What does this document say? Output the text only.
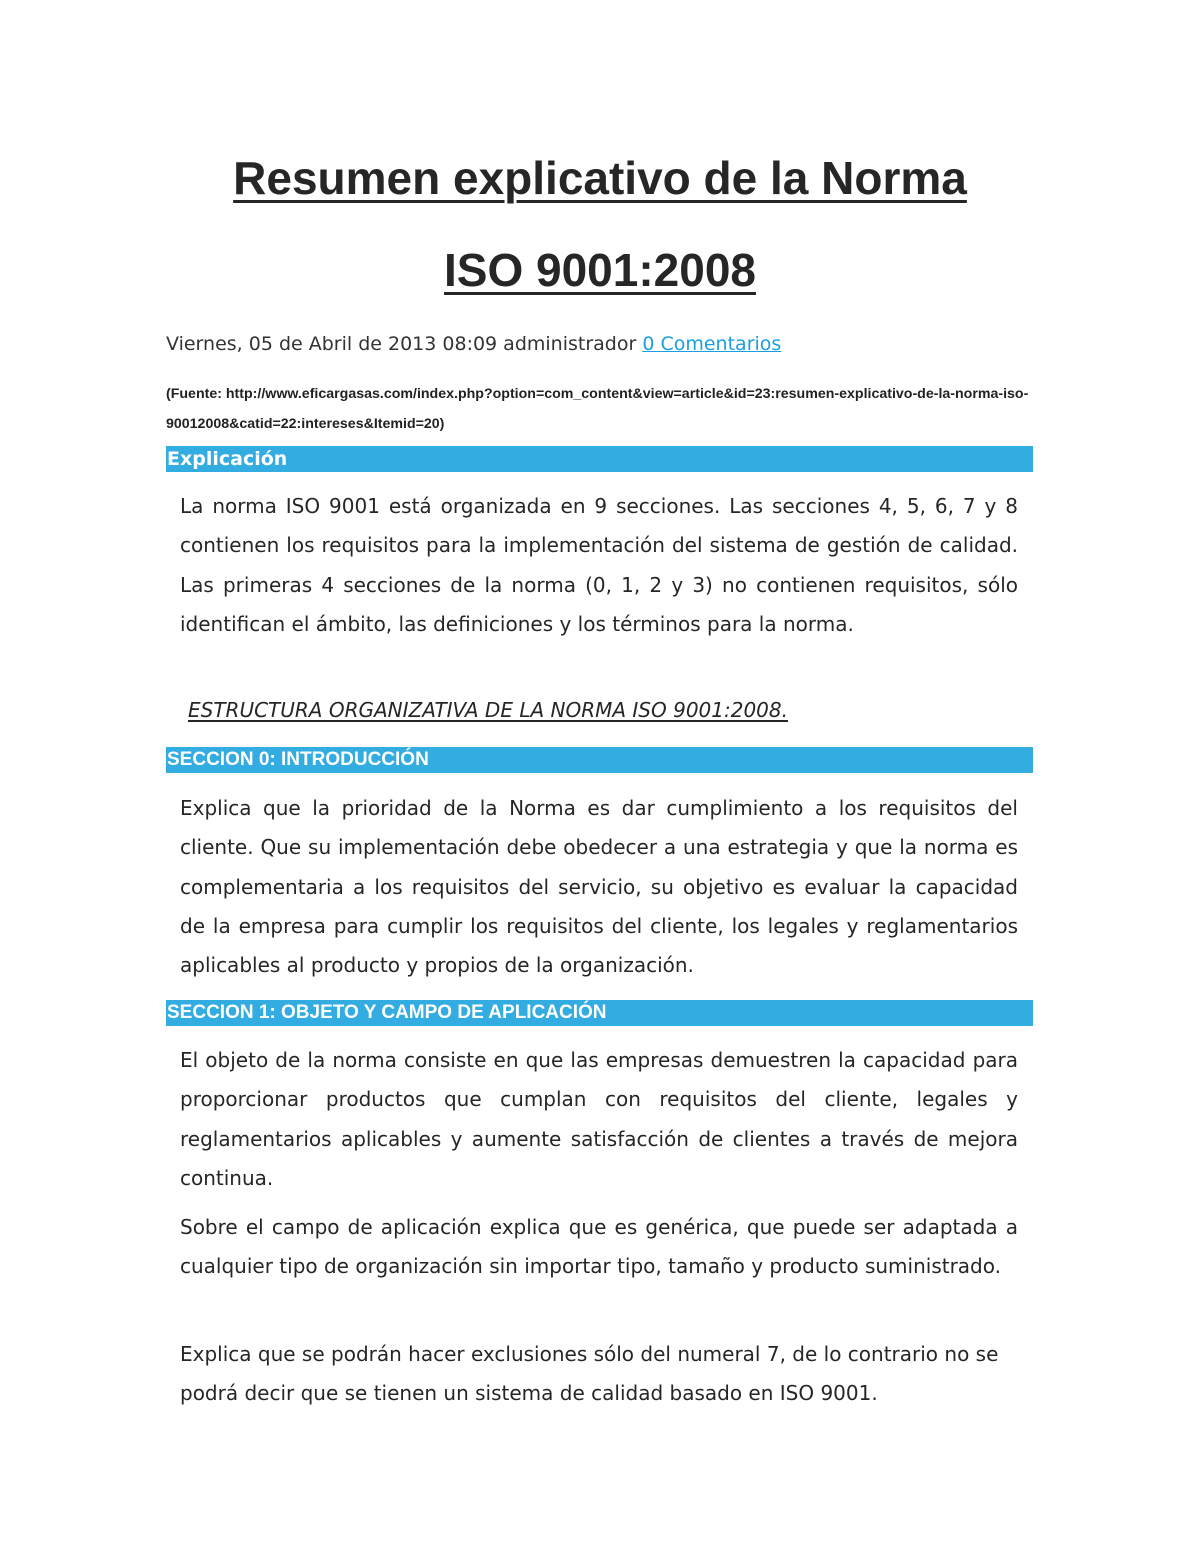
Resumen explicativo de la Norma
ISO 9001:2008
Viernes, 05 de Abril de 2013 08:09 administrador 0 Comentarios
(Fuente: http://www.eficargasas.com/index.php?option=com_content&view=article&id=23:resumen-explicativo-de-la-norma-iso-90012008&catid=22:intereses&Itemid=20)
Explicación

La norma ISO 9001 está organizada en 9 secciones. Las secciones 4, 5, 6, 7 y 8 contienen los requisitos para la implementación del sistema de gestión de calidad. Las primeras 4 secciones de la norma (0, 1, 2 y 3) no contienen requisitos, sólo identifican el ámbito, las definiciones y los términos para la norma.

ESTRUCTURA ORGANIZATIVA DE LA NORMA ISO 9001:2008.
SECCION 0: INTRODUCCIÓN

Explica que la prioridad de la Norma es dar cumplimiento a los requisitos del cliente. Que su implementación debe obedecer a una estrategia y que la norma es complementaria a los requisitos del servicio, su objetivo es evaluar la capacidad de la empresa para cumplir los requisitos del cliente, los legales y reglamentarios aplicables al producto y propios de la organización.

SECCION 1: OBJETO Y CAMPO DE APLICACIÓN

El objeto de la norma consiste en que las empresas demuestren la capacidad para proporcionar productos que cumplan con requisitos del cliente, legales y reglamentarios aplicables y aumente satisfacción de clientes a través de mejora continua.

Sobre el campo de aplicación explica que es genérica, que puede ser adaptada a cualquier tipo de organización sin importar tipo, tamaño y producto suministrado.

Explica que se podrán hacer exclusiones sólo del numeral 7, de lo contrario no se podrá decir que se tienen un sistema de calidad basado en ISO 9001.
